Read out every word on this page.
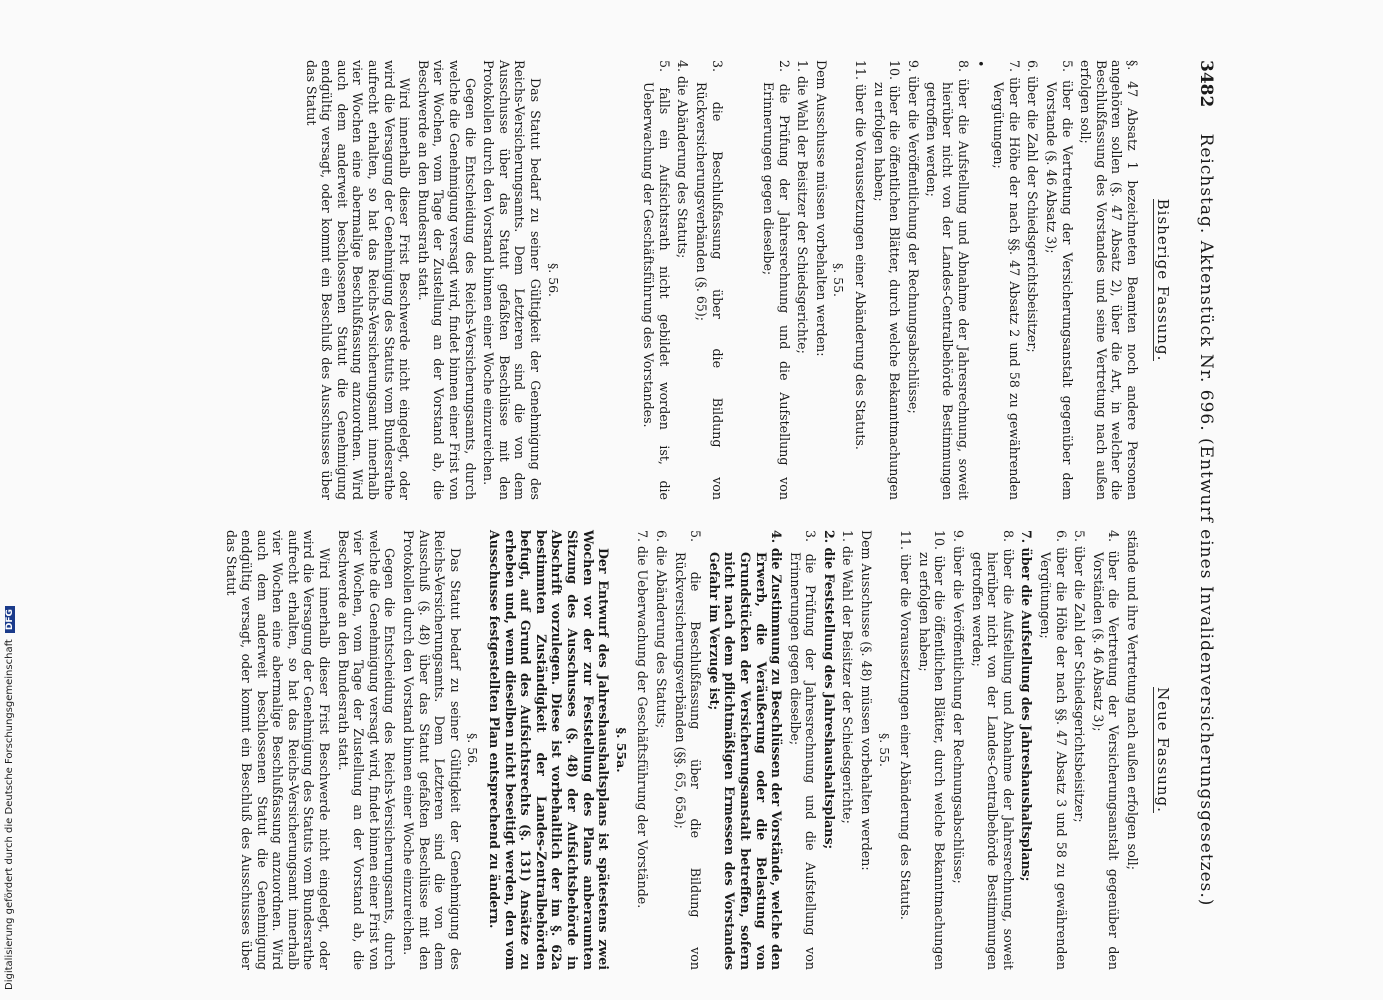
3482
Reichstag. Aktenstück Nr. 696. (Entwurf eines Invalidenversicherungsgesetzes.)
Bisherige Fassung.
Neue Fassung.

§. 47 Absatz 1 bezeichneten Beamten noch andere Personen angehören sollen (§. 47 Absatz 2), über die Art, in welcher die Beschlußfassung des Vorstandes und seine Vertretung nach außen erfolgen soll;

5. über die Vertretung der Versicherungsanstalt gegenüber dem Vorstande (§. 46 Absatz 3);

6. über die Zahl der Schiedsgerichtsbeisitzer;

7. über die Höhe der nach §§. 47 Absatz 2 und 58 zu gewährenden Vergütungen;

•

8. über die Aufstellung und Abnahme der Jahresrechnung, soweit hierüber nicht von der Landes-Centralbehörde Bestimmungen getroffen werden;

9. über die Veröffentlichung der Rechnungsabschlüsse;

10. über die öffentlichen Blätter, durch welche Bekanntmachungen zu erfolgen haben;

11. über die Voraussetzungen einer Abänderung des Statuts.

§. 55.

Dem Ausschusse müssen vorbehalten werden:

1. die Wahl der Beisitzer der Schiedsgerichte;

2. die Prüfung der Jahresrechnung und die Aufstellung von Erinnerungen gegen dieselbe;

3. die Beschlußfassung über die Bildung von Rückversicherungsverbänden (§. 65);

4. die Abänderung des Statuts;

5. falls ein Aufsichtsrath nicht gebildet worden ist, die Ueberwachung der Geschäftsführung des Vorstandes.

§. 56.

Das Statut bedarf zu seiner Gültigkeit der Genehmigung des Reichs-Versicherungsamts. Dem Letzteren sind die von dem Ausschusse über das Statut gefaßten Beschlüsse mit den Protokollen durch den Vorstand binnen einer Woche einzureichen.

Gegen die Entscheidung des Reichs-Versicherungsamts, durch welche die Genehmigung versagt wird, findet binnen einer Frist von vier Wochen, vom Tage der Zustellung an der Vorstand ab, die Beschwerde an den Bundesrath statt.

Wird innerhalb dieser Frist Beschwerde nicht eingelegt, oder wird die Versagung der Genehmigung des Statuts vom Bundesrathe aufrecht erhalten, so hat das Reichs-Versicherungsamt innerhalb vier Wochen eine abermalige Beschlußfassung anzuordnen. Wird auch dem anderweit beschlossenen Statut die Genehmigung endgültig versagt, oder kommt ein Beschluß des Ausschusses über das Statut

stände und ihre Vertretung nach außen erfolgen soll;

4. über die Vertretung der Versicherungsanstalt gegenüber den Vorständen (§. 46 Absatz 3);

5. über die Zahl der Schiedsgerichtsbeisitzer;

6. über die Höhe der nach §§. 47 Absatz 3 und 58 zu gewährenden Vergütungen;

7. über die Aufstellung des Jahreshaushaltsplans;

8. über die Aufstellung und Abnahme der Jahresrechnung, soweit hierüber nicht von der Landes-Centralbehörde Bestimmungen getroffen werden;

9. über die Veröffentlichung der Rechnungsabschlüsse;

10. über die öffentlichen Blätter, durch welche Bekanntmachungen zu erfolgen haben;

11. über die Voraussetzungen einer Abänderung des Statuts.

§. 55.

Dem Ausschusse (§. 48) müssen vorbehalten werden:

1. die Wahl der Beisitzer der Schiedsgerichte;

2. die Feststellung des Jahreshaushaltsplans;

3. die Prüfung der Jahresrechnung und die Aufstellung von Erinnerungen gegen dieselbe;

4. die Zustimmung zu Beschlüssen der Vorstände, welche den Erwerb, die Veräußerung oder die Belastung von Grundstücken der Versicherungsanstalt betreffen, sofern nicht nach dem pflichtmäßigen Ermessen des Vorstandes Gefahr im Verzuge ist;

5. die Beschlußfassung über die Bildung von Rückversicherungsverbänden (§§. 65, 65a);

6. die Abänderung des Statuts;

7. die Ueberwachung der Geschäftsführung der Vorstände.

§. 55a.

Der Entwurf des Jahreshaushaltsplans ist spätestens zwei Wochen vor der zur Feststellung des Plans anberaumten Sitzung des Ausschusses (§. 48) der Aufsichtsbehörde in Abschrift vorzulegen. Diese ist vorbehaltlich der im §. 62a bestimmten Zuständigkeit der Landes-Zentralbehörden befugt, auf Grund des Aufsichtsrechts (§. 131) Ansätze zu erheben und, wenn dieselben nicht beseitigt werden, den vom Ausschusse festgestellten Plan entsprechend zu ändern.

§. 56.

Das Statut bedarf zu seiner Gültigkeit der Genehmigung des Reichs-Versicherungsamts. Dem Letzteren sind die von dem Ausschuß (§. 48) über das Statut gefaßten Beschlüsse mit den Protokollen durch den Vorstand binnen einer Woche einzureichen.

Gegen die Entscheidung des Reichs-Versicherungsamts, durch welche die Genehmigung versagt wird, findet binnen einer Frist von vier Wochen, vom Tage der Zustellung an der Vorstand ab, die Beschwerde an den Bundesrath statt.

Wird innerhalb dieser Frist Beschwerde nicht eingelegt, oder wird die Versagung der Genehmigung des Statuts vom Bundesrathe aufrecht erhalten, so hat das Reichs-Versicherungsamt innerhalb vier Wochen eine abermalige Beschlußfassung anzuordnen. Wird auch dem anderweit beschlossenen Statut die Genehmigung endgültig versagt, oder kommt ein Beschluß des Ausschusses über das Statut

Digitalisierung gefördert durch die Deutsche ForschungsgemeinschaftDFG
